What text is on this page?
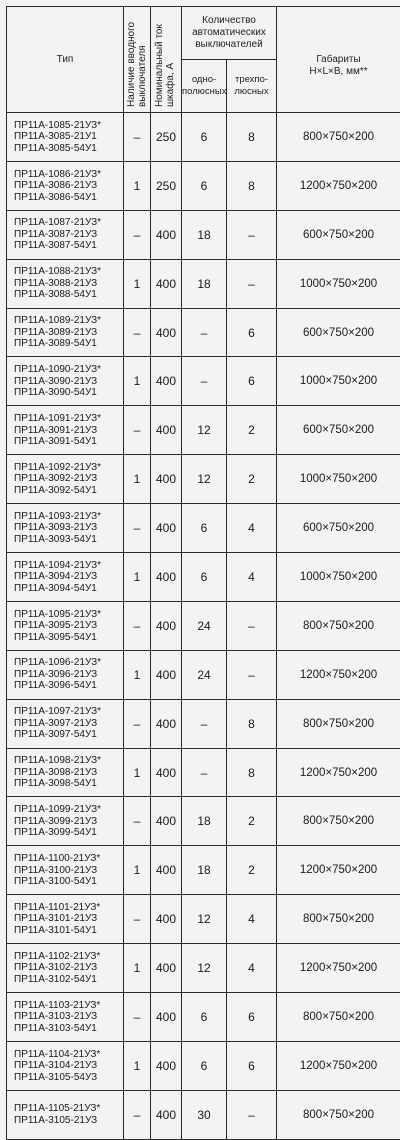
Тип	Наличие вводного выключателя	Номинальный ток шкафа, А	Количество автоматических выключателей		Габариты H×L×B, мм**

			одно-
полюсных	трехпо-
люсных	

ПР11А-1085-21УЗ*
ПР11А-3085-21У1
ПР11А-3085-54У1	–	250	6	8	800×750×200

ПР11А-1086-21УЗ*
ПР11А-3086-21УЗ
ПР11А-3086-54У1	1	250	6	8	1200×750×200

ПР11А-1087-21УЗ*
ПР11А-3087-21УЗ
ПР11А-3087-54У1	–	400	18	–	600×750×200

ПР11А-1088-21УЗ*
ПР11А-3088-21УЗ
ПР11А-3088-54У1	1	400	18	–	1000×750×200

ПР11А-1089-21УЗ*
ПР11А-3089-21УЗ
ПР11А-3089-54У1	–	400	–	6	600×750×200

ПР11А-1090-21УЗ*
ПР11А-3090-21УЗ
ПР11А-3090-54У1	1	400	–	6	1000×750×200

ПР11А-1091-21УЗ*
ПР11А-3091-21УЗ
ПР11А-3091-54У1	–	400	12	2	600×750×200

ПР11А-1092-21УЗ*
ПР11А-3092-21УЗ
ПР11А-3092-54У1	1	400	12	2	1000×750×200

ПР11А-1093-21УЗ*
ПР11А-3093-21УЗ
ПР11А-3093-54У1	–	400	6	4	600×750×200

ПР11А-1094-21УЗ*
ПР11А-3094-21УЗ
ПР11А-3094-54У1	1	400	6	4	1000×750×200

ПР11А-1095-21УЗ*
ПР11А-3095-21УЗ
ПР11А-3095-54У1	–	400	24	–	800×750×200

ПР11А-1096-21УЗ*
ПР11А-3096-21УЗ
ПР11А-3096-54У1	1	400	24	–	1200×750×200

ПР11А-1097-21УЗ*
ПР11А-3097-21УЗ
ПР11А-3097-54У1	–	400	–	8	800×750×200

ПР11А-1098-21УЗ*
ПР11А-3098-21УЗ
ПР11А-3098-54У1	1	400	–	8	1200×750×200

ПР11А-1099-21УЗ*
ПР11А-3099-21УЗ
ПР11А-3099-54У1	–	400	18	2	800×750×200

ПР11А-1100-21УЗ*
ПР11А-3100-21УЗ
ПР11А-3100-54У1	1	400	18	2	1200×750×200

ПР11А-1101-21УЗ*
ПР11А-3101-21УЗ
ПР11А-3101-54У1	–	400	12	4	800×750×200

ПР11А-1102-21УЗ*
ПР11А-3102-21УЗ
ПР11А-3102-54У1	1	400	12	4	1200×750×200

ПР11А-1103-21УЗ*
ПР11А-3103-21УЗ
ПР11А-3103-54У1	–	400	6	6	800×750×200

ПР11А-1104-21УЗ*
ПР11А-3104-21УЗ
ПР11А-3105-54УЗ	1	400	6	6	1200×750×200

ПР11А-1105-21УЗ*
ПР11А-3105-21УЗ	–	400	30	–	800×750×200
